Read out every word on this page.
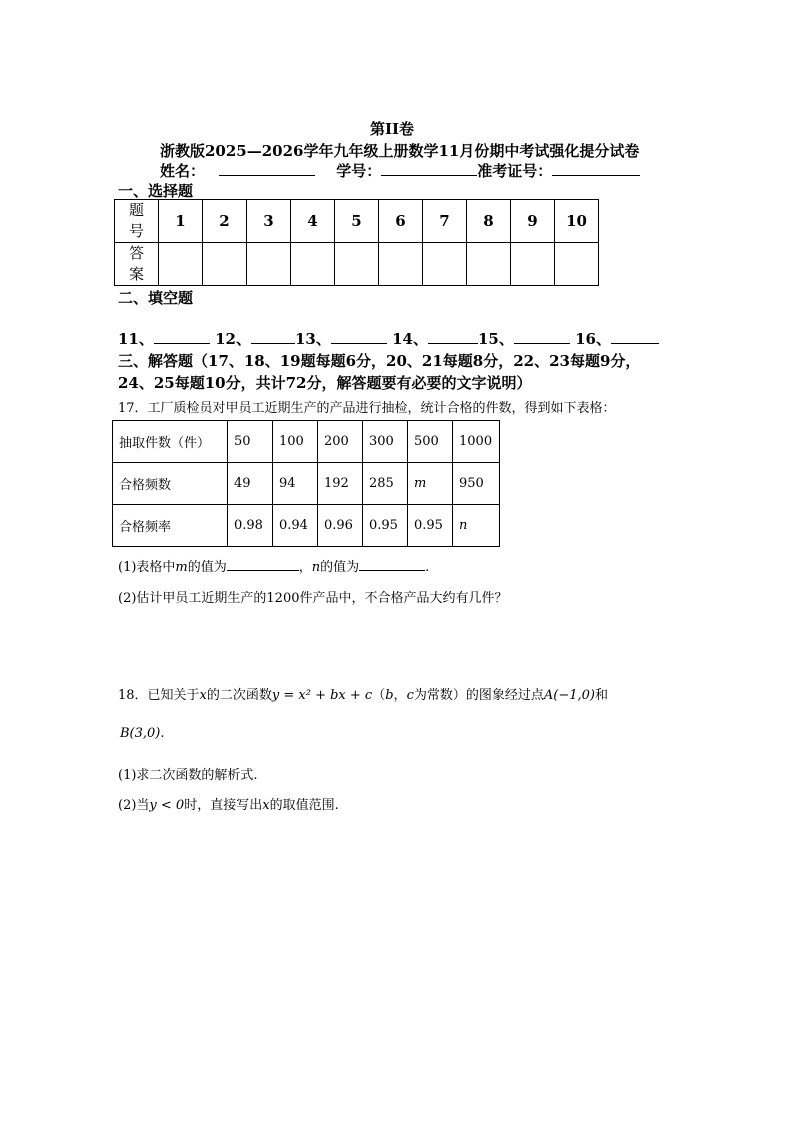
第II卷
浙教版2025—2026学年九年级上册数学11月份期中考试强化提分试卷
姓名：	学号：	准考证号：
一、选择题
题
号	1	2	3	4	5	6	7	8	9	10
答
案										
二、填空题
11、	12、	13、	14、	15、	16、
三、解答题（17、18、19题每题6分，20、21每题8分，22、23每题9分，
24、25每题10分，共计72分，解答题要有必要的文字说明）
17．工厂质检员对甲员工近期生产的产品进行抽检，统计合格的件数，得到如下表格：
抽取件数（件）	50	100	200	300	500	1000
合格频数	49	94	192	285	m	950
合格频率	0.98	0.94	0.96	0.95	0.95	n
(1)表格中m的值为	，n的值为	.
(2)估计甲员工近期生产的1200件产品中，不合格产品大约有几件？
18．已知关于x的二次函数y = x² + bx + c（b，c为常数）的图象经过点A(−1,0)和
B(3,0).
(1)求二次函数的解析式.
(2)当y < 0时，直接写出x的取值范围.
